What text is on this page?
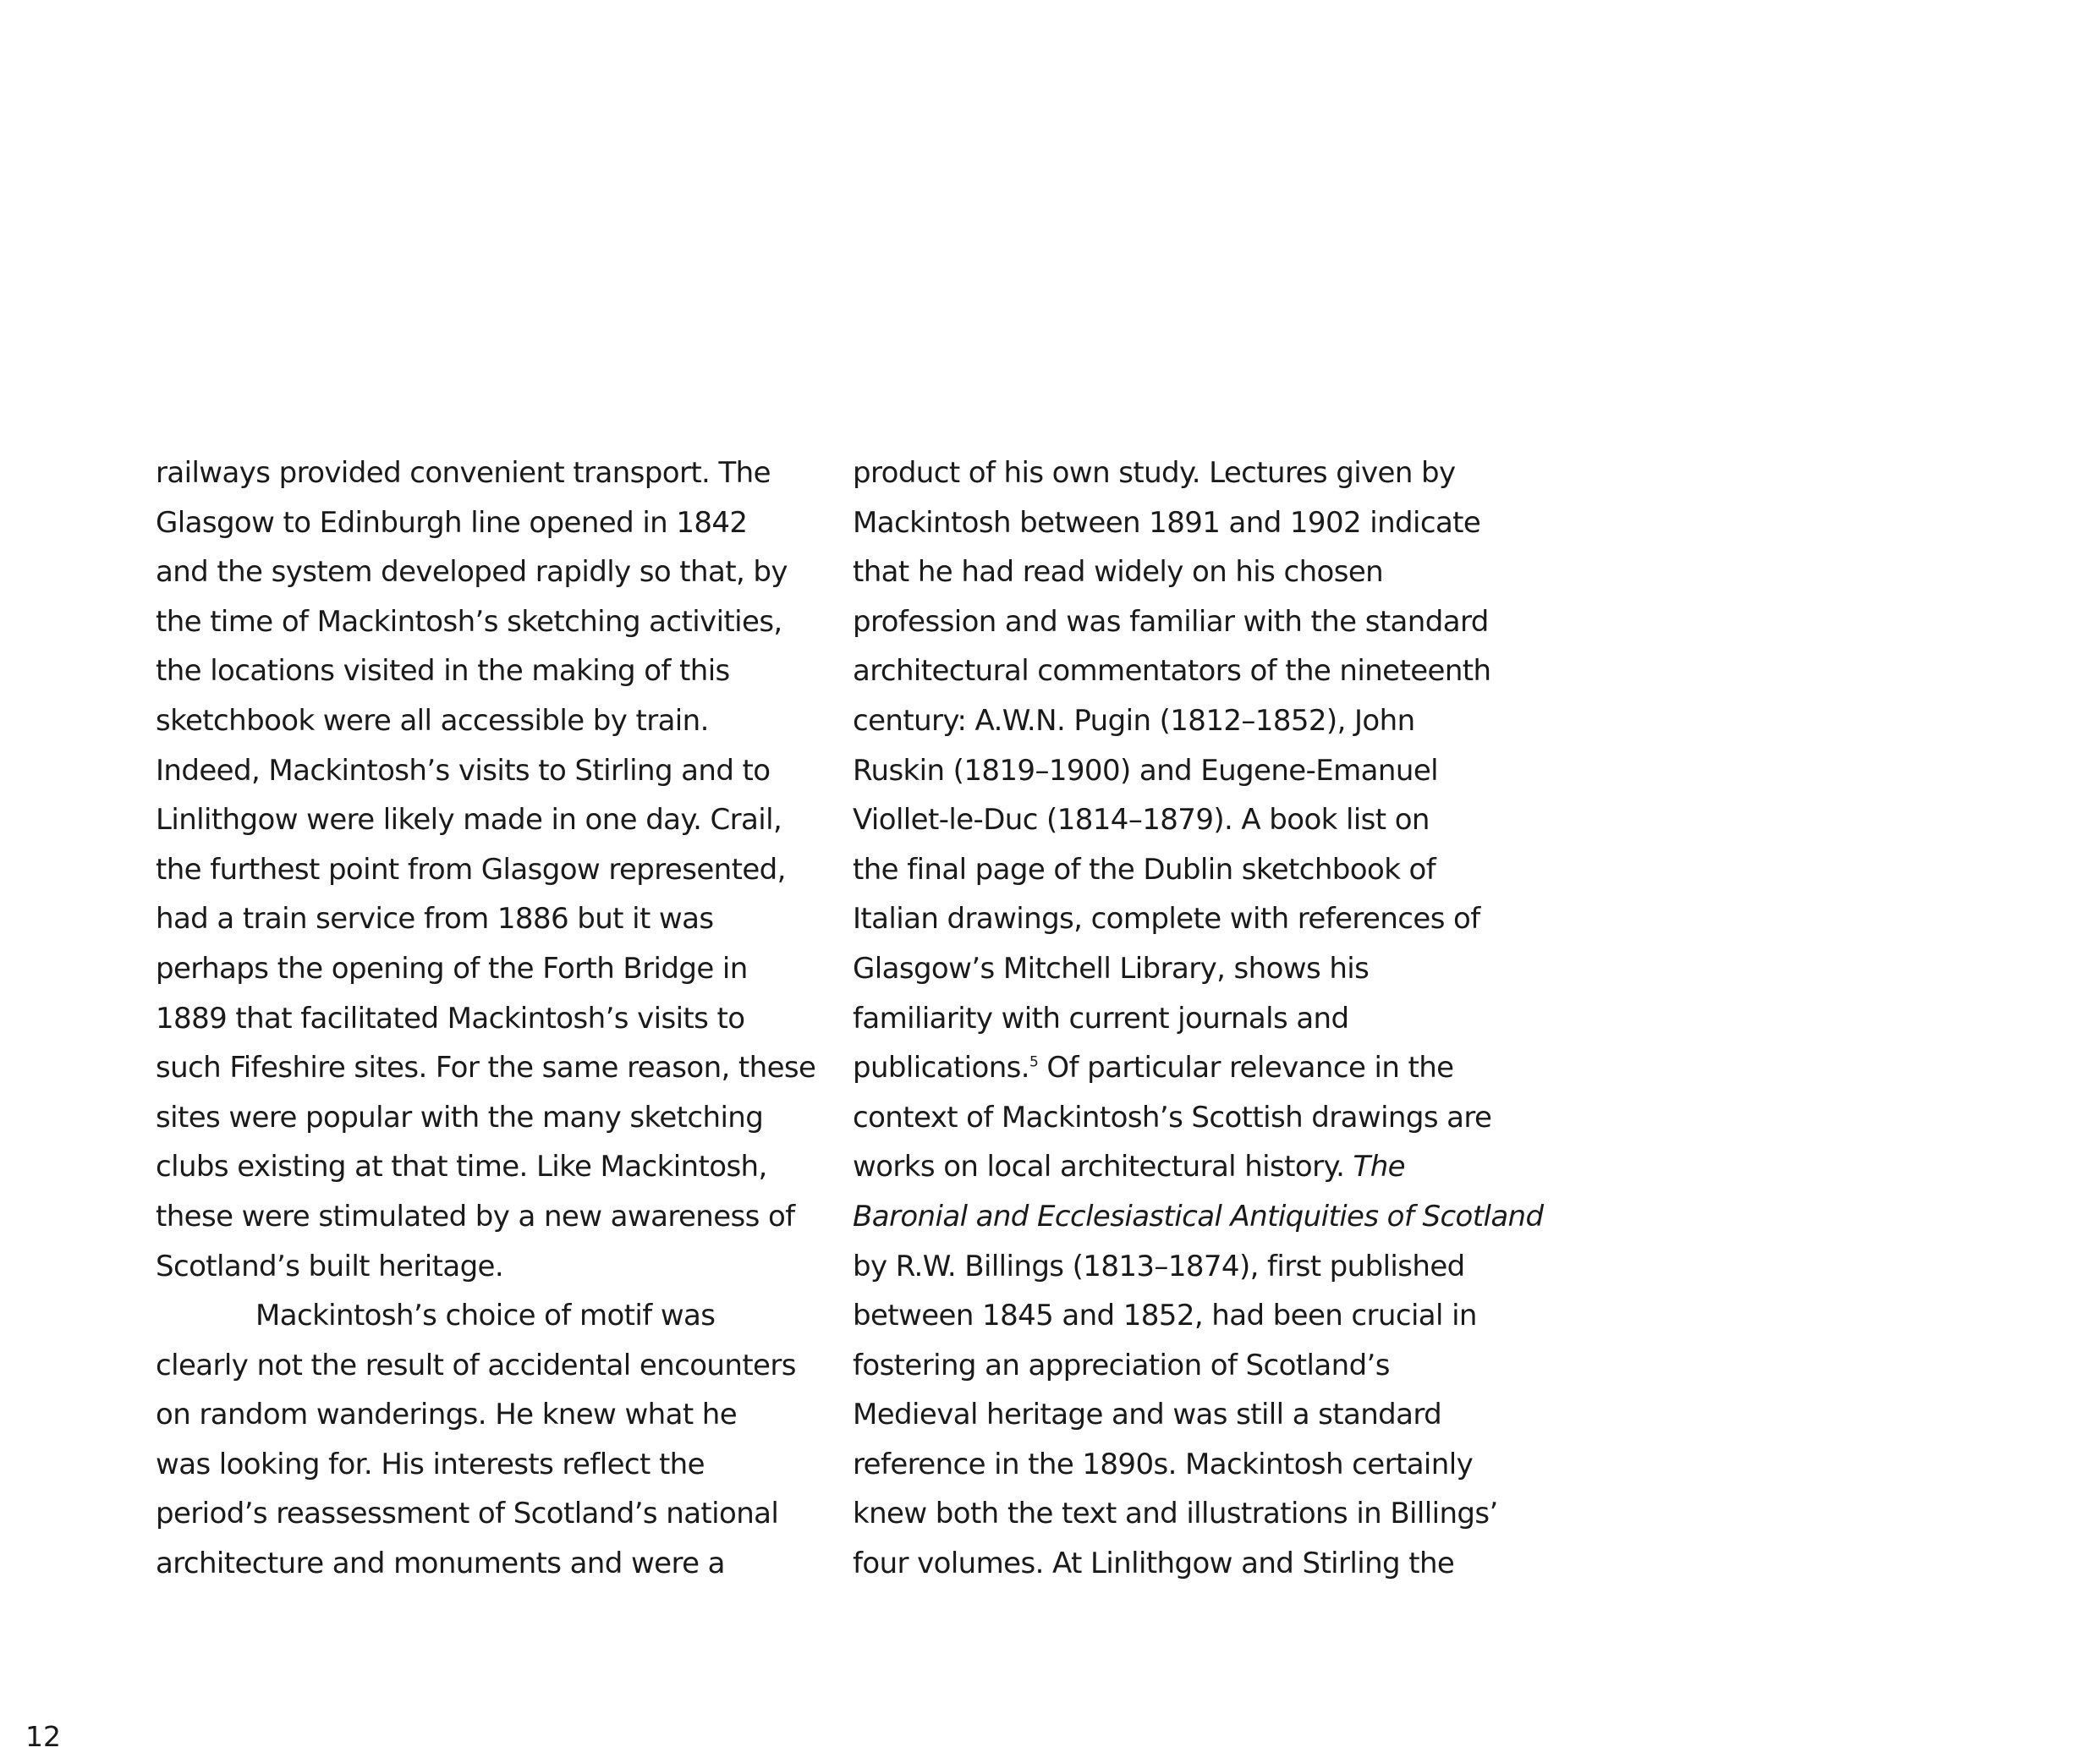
railways provided convenient transport. The
Glasgow to Edinburgh line opened in 1842
and the system developed rapidly so that, by
the time of Mackintosh’s sketching activities,
the locations visited in the making of this
sketchbook were all accessible by train.
Indeed, Mackintosh’s visits to Stirling and to
Linlithgow were likely made in one day. Crail,
the furthest point from Glasgow represented,
had a train service from 1886 but it was
perhaps the opening of the Forth Bridge in
1889 that facilitated Mackintosh’s visits to
such Fifeshire sites. For the same reason, these
sites were popular with the many sketching
clubs existing at that time. Like Mackintosh,
these were stimulated by a new awareness of
Scotland’s built heritage.
Mackintosh’s choice of motif was
clearly not the result of accidental encounters
on random wanderings. He knew what he
was looking for. His interests reflect the
period’s reassessment of Scotland’s national
architecture and monuments and were a
product of his own study. Lectures given by
Mackintosh between 1891 and 1902 indicate
that he had read widely on his chosen
profession and was familiar with the standard
architectural commentators of the nineteenth
century: A.W.N. Pugin (1812–1852), John
Ruskin (1819–1900) and Eugene-Emanuel
Viollet-le-Duc (1814–1879). A book list on
the final page of the Dublin sketchbook of
Italian drawings, complete with references of
Glasgow’s Mitchell Library, shows his
familiarity with current journals and
publications.$^5$ Of particular relevance in the
context of Mackintosh’s Scottish drawings are
works on local architectural history. The
Baronial and Ecclesiastical Antiquities of Scotland
by R.W. Billings (1813–1874), first published
between 1845 and 1852, had been crucial in
fostering an appreciation of Scotland’s
Medieval heritage and was still a standard
reference in the 1890s. Mackintosh certainly
knew both the text and illustrations in Billings’
four volumes. At Linlithgow and Stirling the
12
